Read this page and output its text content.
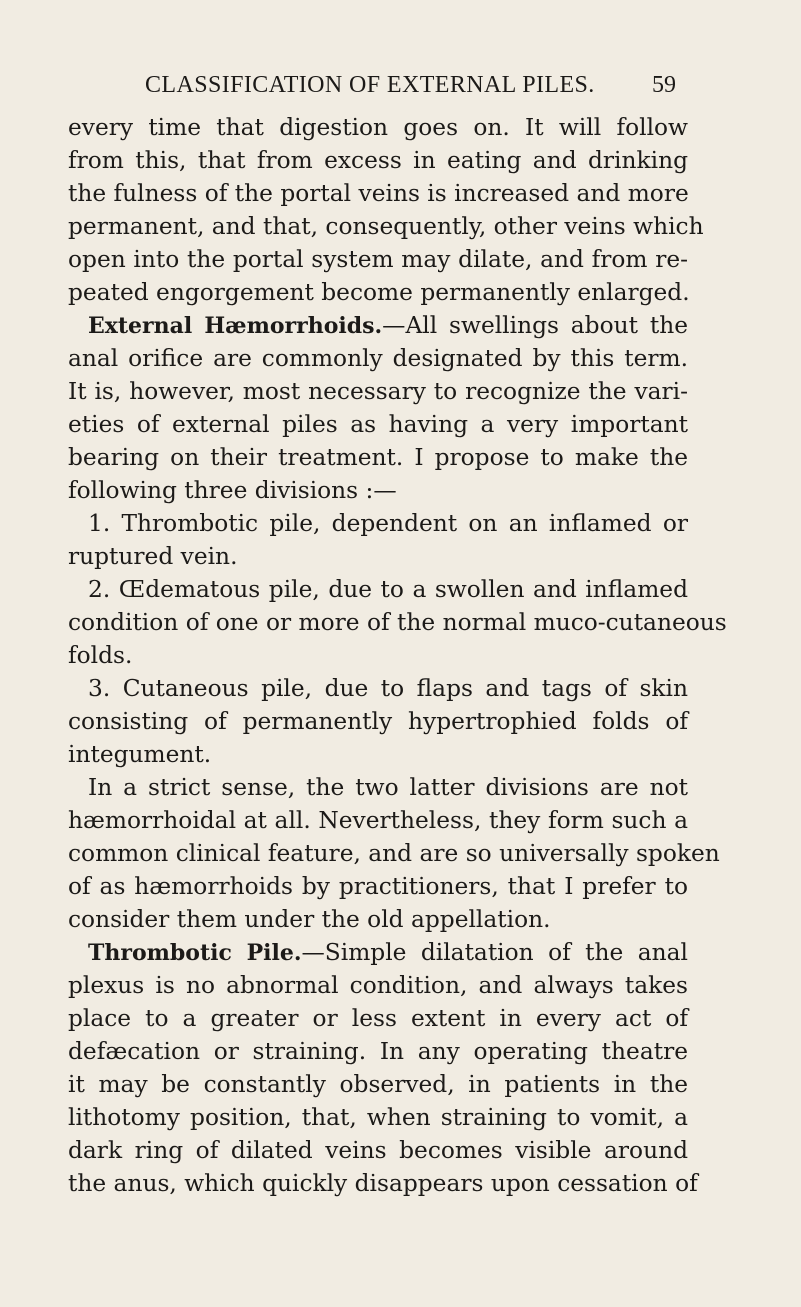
CLASSIFICATION OF EXTERNAL PILES. 59
every time that digestion goes on. It will follow
from this, that from excess in eating and drinking
the fulness of the portal veins is increased and more
permanent, and that, consequently, other veins which
open into the portal system may dilate, and from re-
peated engorgement become permanently enlarged.
External Hæmorrhoids.—All swellings about the
anal orifice are commonly designated by this term.
It is, however, most necessary to recognize the vari-
eties of external piles as having a very important
bearing on their treatment. I propose to make the
following three divisions :—
1. Thrombotic pile, dependent on an inflamed or
ruptured vein.
2. Œdematous pile, due to a swollen and inflamed
condition of one or more of the normal muco-cutaneous
folds.
3. Cutaneous pile, due to flaps and tags of skin
consisting of permanently hypertrophied folds of
integument.
In a strict sense, the two latter divisions are not
hæmorrhoidal at all. Nevertheless, they form such a
common clinical feature, and are so universally spoken
of as hæmorrhoids by practitioners, that I prefer to
consider them under the old appellation.
Thrombotic Pile.—Simple dilatation of the anal
plexus is no abnormal condition, and always takes
place to a greater or less extent in every act of
defæcation or straining. In any operating theatre
it may be constantly observed, in patients in the
lithotomy position, that, when straining to vomit, a
dark ring of dilated veins becomes visible around
the anus, which quickly disappears upon cessation of
